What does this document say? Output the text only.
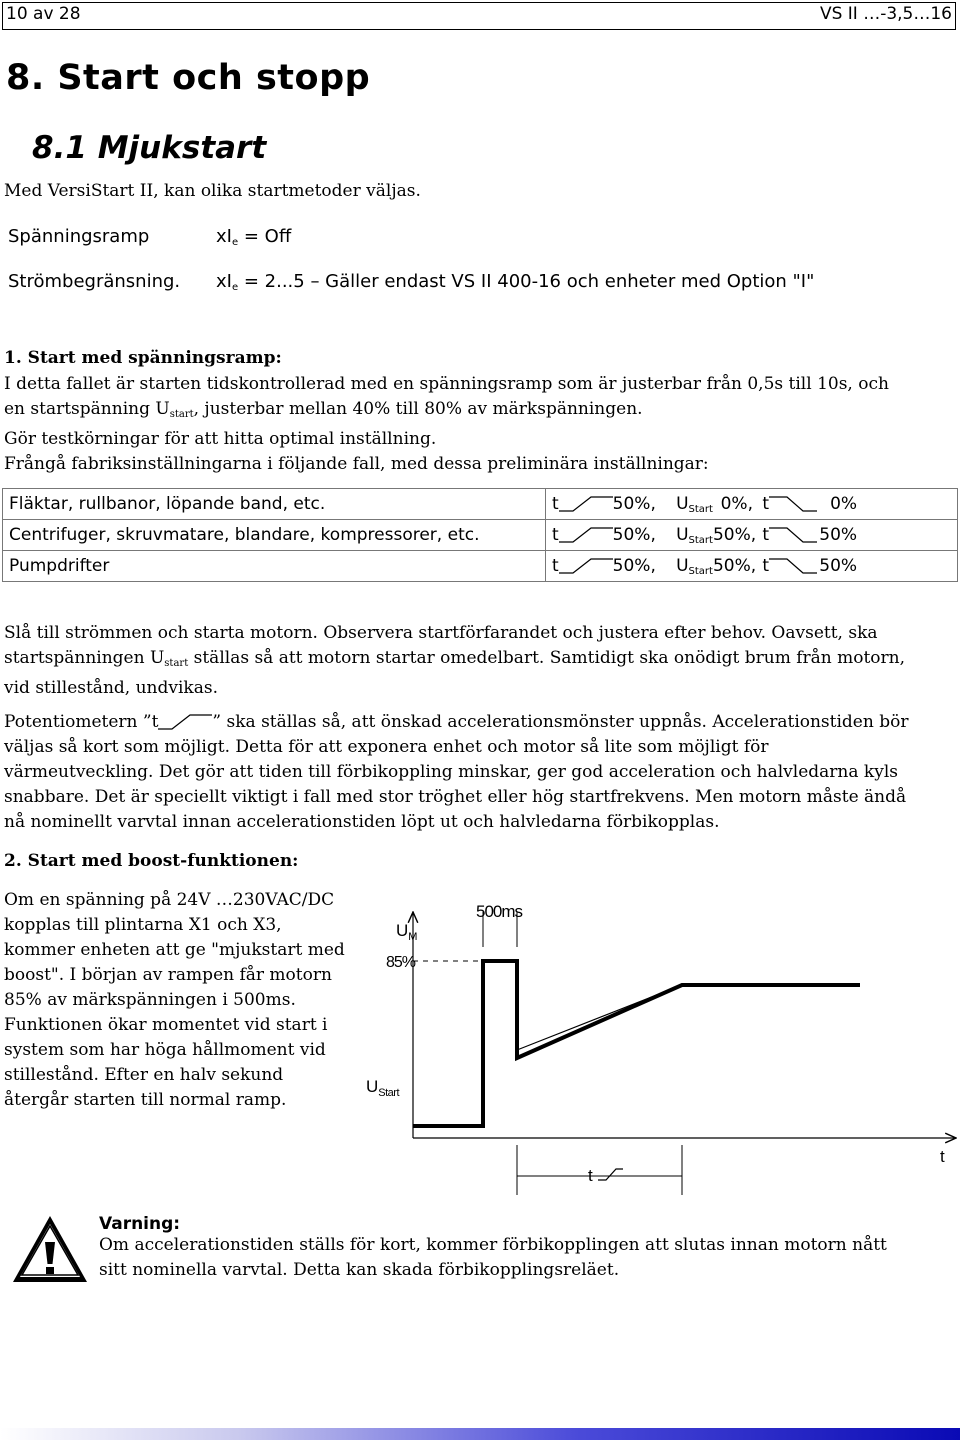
10 av 28	VS II …-3,5…16
8. Start och stopp
8.1 Mjukstart
Med VersiStart II, kan olika startmetoder väljas.
Spänningsramp	$xI_e$ = Off
Strömbegränsning. $xI_e = 2...5$ – Gäller endast VS II 400-16 och enheter med Option "I"
1. Start med spänningsramp:
I detta fallet är starten tidskontrollerad med en spänningsramp som är justerbar från 0,5s till 10s, och
en startspänning $U_{start}$, justerbar mellan 40% till 80% av märkspänningen.
Gör testkörningar för att hitta optimal inställning.
Frångå fabriksinställningarna i följande fall, med dessa preliminära inställningar:
Fläktar, rullbanor, löpande band, etc.	t 50%, $U_{Start}$ 0%, t 0%
Centrifuger, skruvmatare, blandare, kompressorer, etc.	t 50%, $U_{Start}50\%$, t 50%
Pumpdrifter	t 50%, $U_{Start}50\%$, t 50%
Slå till strömmen och starta motorn. Observera startförfarandet och justera efter behov. Oavsett, ska
startspänningen $U_{start}$ ställas så att motorn startar omedelbart. Samtidigt ska onödigt brum från motorn,
vid stillestånd, undvikas.
Potentiometern ”t	” ska ställas så, att önskad accelerationsmönster uppnås. Accelerationstiden bör
väljas så kort som möjligt. Detta för att exponera enhet och motor så lite som möjligt för
värmeutveckling. Det gör att tiden till förbikoppling minskar, ger god acceleration och halvledarna kyls
snabbare. Det är speciellt viktigt i fall med stor tröghet eller hög startfrekvens. Men motorn måste ändå
nå nominellt varvtal innan accelerationstiden löpt ut och halvledarna förbikopplas.
2. Start med boost-funktionen:
Om en spänning på 24V …230VAC/DC
kopplas till plintarna X1 och X3,
kommer enheten att ge "mjukstart med
boost". I början av rampen får motorn
85% av märkspänningen i 500ms.
Funktionen ökar momentet vid start i
system som har höga hållmoment vid
stillestånd. Efter en halv sekund
återgår starten till normal ramp.
500ms
$U_M$
85%
$U_{Start}$
t
t
Varning:
Om accelerationstiden ställs för kort, kommer förbikopplingen att slutas innan motorn nått
sitt nominella varvtal. Detta kan skada förbikopplingsreläet.
